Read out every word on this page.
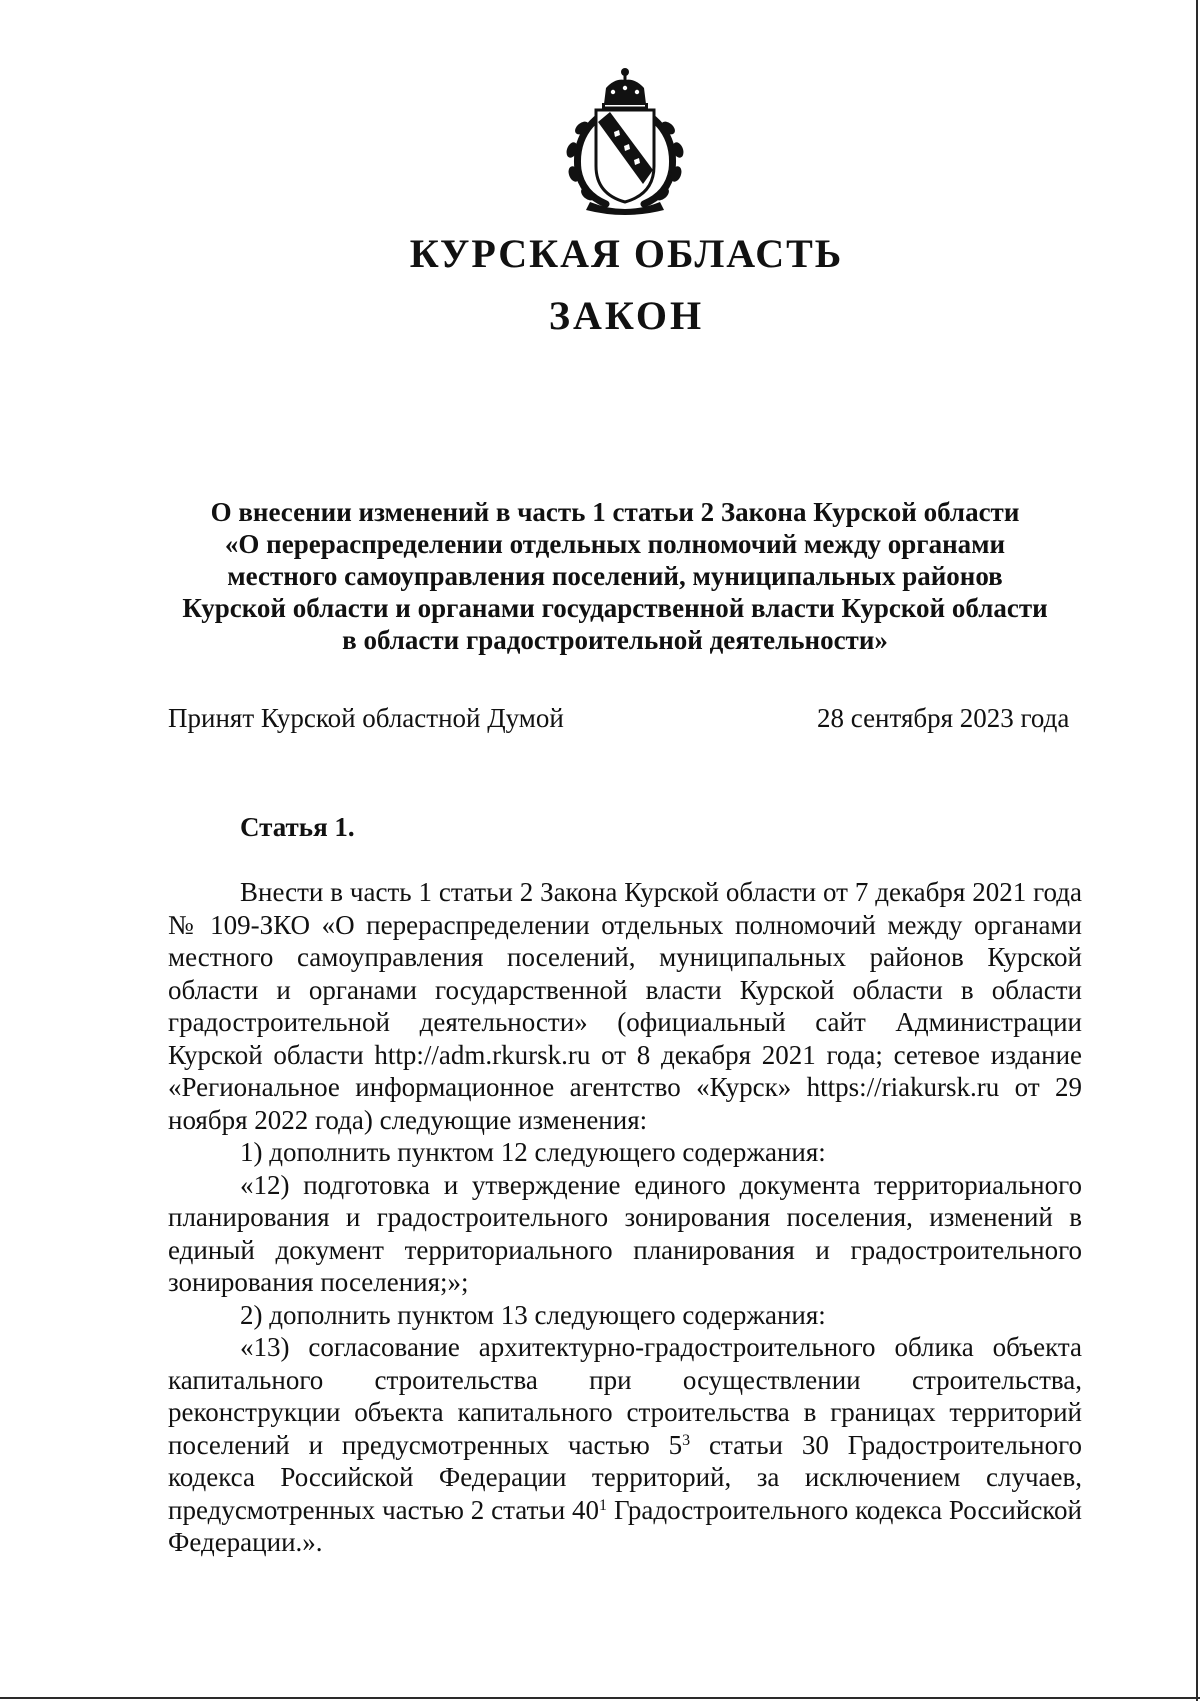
КУРСКАЯ ОБЛАСТЬ
ЗАКОН
О внесении изменений в часть 1 статьи 2 Закона Курской области
«О перераспределении отдельных полномочий между органами
местного самоуправления поселений, муниципальных районов
Курской области и органами государственной власти Курской области
в области градостроительной деятельности»
Принят Курской областной Думой	28 сентября 2023 года
Статья 1.

Внести в часть 1 статьи 2 Закона Курской области от 7 декабря 2021 года № 109-ЗКО «О перераспределении отдельных полномочий между органами местного самоуправления поселений, муниципальных районов Курской области и органами государственной власти Курской области в области градостроительной деятельности» (официальный сайт Администрации Курской области http://adm.rkursk.ru от 8 декабря 2021 года; сетевое издание «Региональное информационное агентство «Курск» https://riakursk.ru от 29 ноября 2022 года) следующие изменения:

1) дополнить пунктом 12 следующего содержания:

«12) подготовка и утверждение единого документа территориального планирования и градостроительного зонирования поселения, изменений в единый документ территориального планирования и градостроительного зонирования поселения;»;

2) дополнить пунктом 13 следующего содержания:

«13) согласование архитектурно-градостроительного облика объекта капитального строительства при осуществлении строительства, реконструкции объекта капитального строительства в границах территорий поселений и предусмотренных частью $5^3$ статьи 30 Градостроительного кодекса Российской Федерации территорий, за исключением случаев, предусмотренных частью 2 статьи $40^1$ Градостроительного кодекса Российской Федерации.».
